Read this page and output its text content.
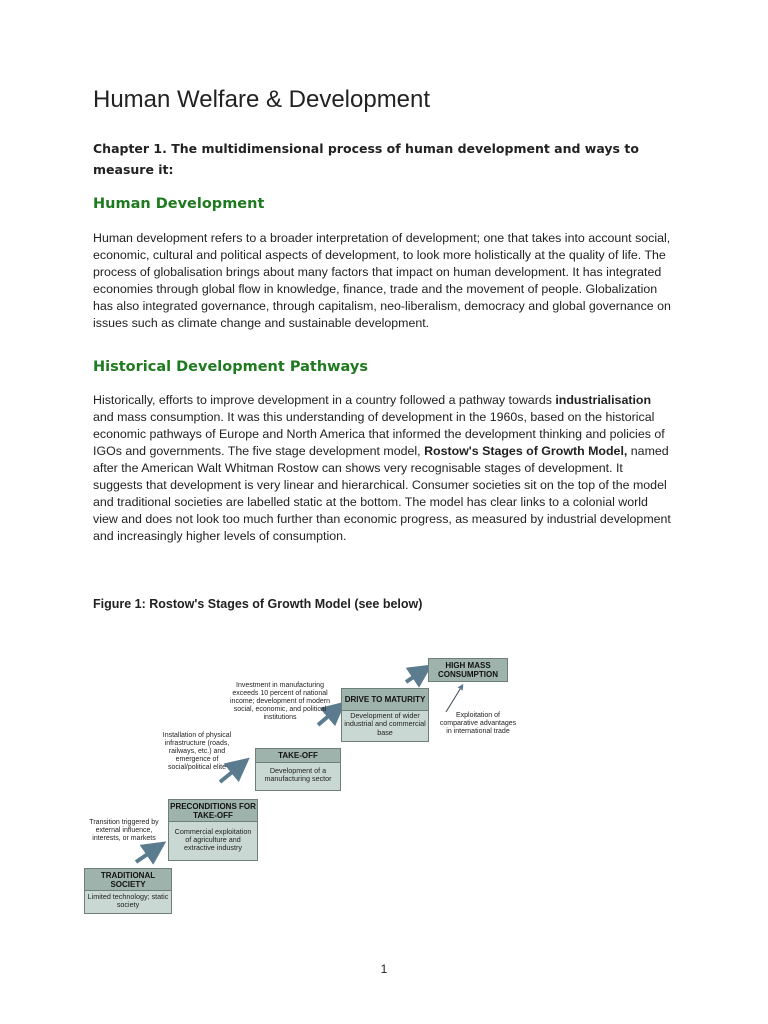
Human Welfare & Development

Chapter 1. The multidimensional process of human development and ways to measure it:

Human Development

Human development refers to a broader interpretation of development; one that takes into account social, economic, cultural and political aspects of development, to look more holistically at the quality of life. The process of globalisation brings about many factors that impact on human development. It has integrated economies through global flow in knowledge, finance, trade and the movement of people. Globalization has also integrated governance, through capitalism, neo-liberalism, democracy and global governance on issues such as climate change and sustainable development.

Historical Development Pathways

Historically, efforts to improve development in a country followed a pathway towards industrialisation and mass consumption. It was this understanding of development in the 1960s, based on the historical economic pathways of Europe and North America that informed the development thinking and policies of IGOs and governments. The five stage development model, Rostow's Stages of Growth Model, named after the American Walt Whitman Rostow can shows very recognisable stages of development. It suggests that development is very linear and hierarchical. Consumer societies sit on the top of the model and traditional societies are labelled static at the bottom. The model has clear links to a colonial world view and does not look too much further than economic progress, as measured by industrial development and increasingly higher levels of consumption.

Figure 1: Rostow's Stages of Growth Model (see below)

TRADITIONAL SOCIETY
Limited technology; static society
PRECONDITIONS FOR TAKE-OFF
Commercial exploitation of agriculture and extractive industry
TAKE-OFF
Development of a manufacturing sector
DRIVE TO MATURITY
Development of wider industrial and commercial base
HIGH MASS CONSUMPTION
Transition triggered by external influence, interests, or markets
Installation of physical infrastructure (roads, railways, etc.) and emergence of social/political elite
Investment in manufacturing exceeds 10 percent of national income; development of modern social, economic, and political institutions	Exploitation of comparative advantages in international trade

1
